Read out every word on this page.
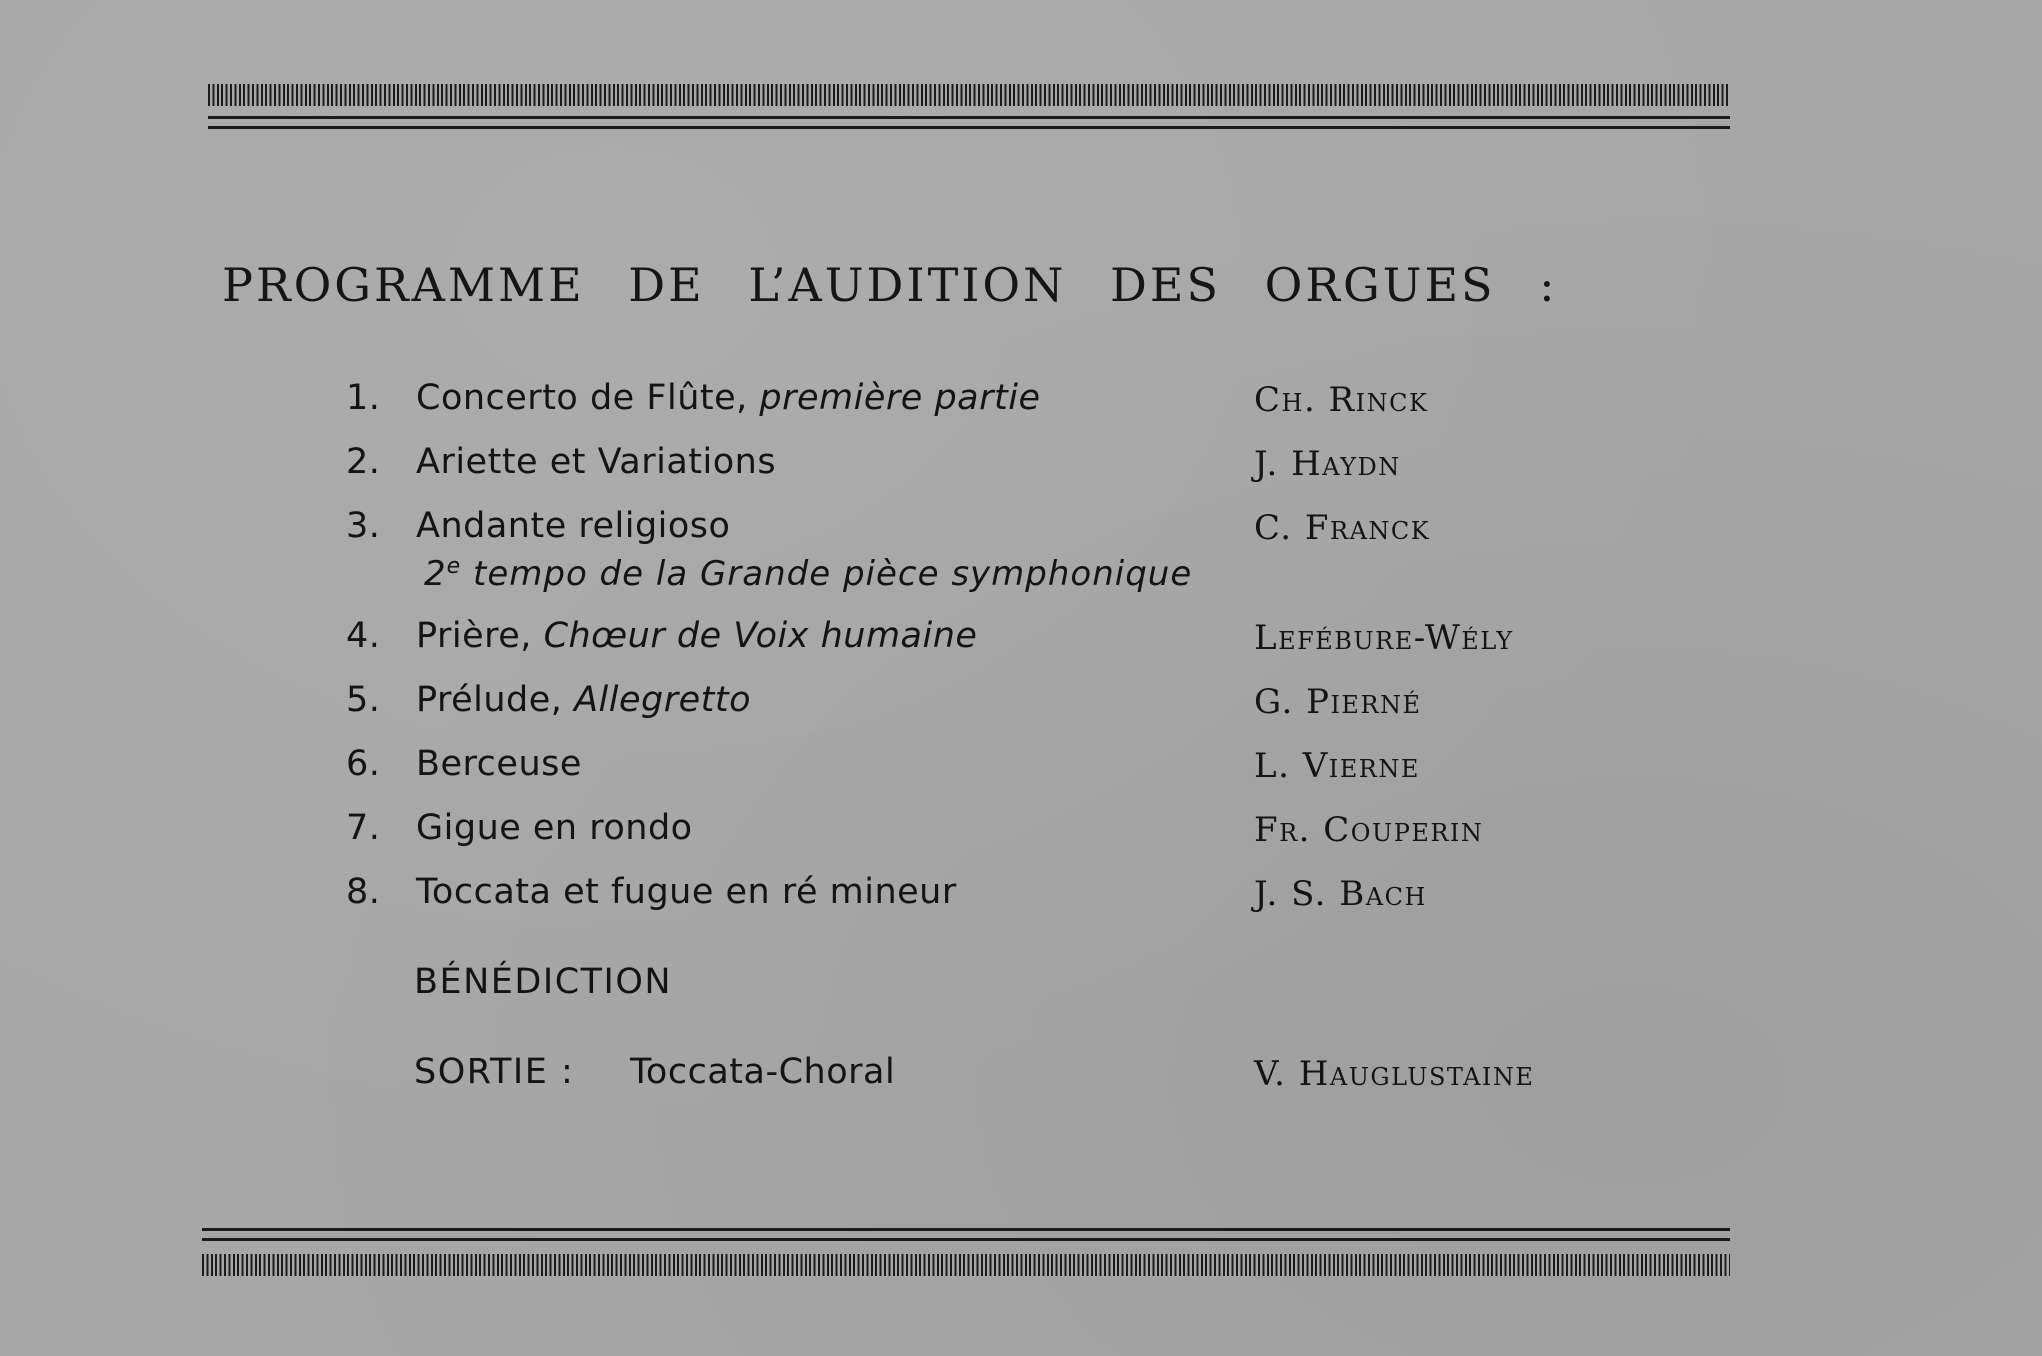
PROGRAMME DE L’AUDITION DES ORGUES :
1. Concerto de Flûte, première partie	Ch. Rinck
2. Ariette et Variations	J. Haydn
3. Andante religioso	C. Franck
2e tempo de la Grande pièce symphonique
4. Prière, Chœur de Voix humaine	Lefébure-Wély
5. Prélude, Allegretto	G. Pierné
6. Berceuse	L. Vierne
7. Gigue en rondo	Fr. Couperin
8. Toccata et fugue en ré mineur	J. S. Bach
BÉNÉDICTION
SORTIE : Toccata-Choral	V. Hauglustaine
